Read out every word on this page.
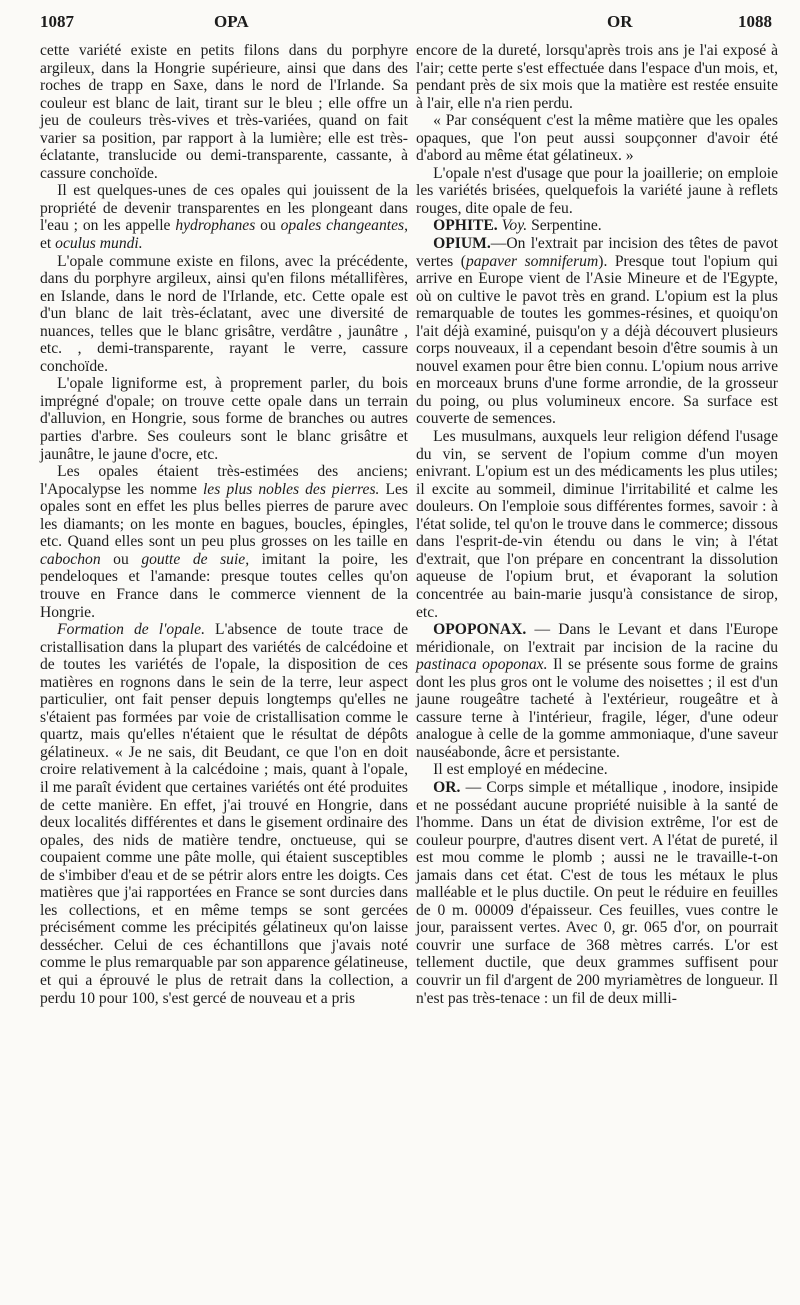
1087	OPA	OR	1088

cette variété existe en petits filons dans du porphyre argileux, dans la Hongrie supérieure, ainsi que dans des roches de trapp en Saxe, dans le nord de l'Irlande. Sa couleur est blanc de lait, tirant sur le bleu ; elle offre un jeu de couleurs très-vives et très-variées, quand on fait varier sa position, par rapport à la lumière; elle est très-éclatante, translucide ou demi-transparente, cassante, à cassure conchoïde.

Il est quelques-unes de ces opales qui jouissent de la propriété de devenir transparentes en les plongeant dans l'eau ; on les appelle hydrophanes ou opales changeantes, et oculus mundi.

L'opale commune existe en filons, avec la précédente, dans du porphyre argileux, ainsi qu'en filons métallifères, en Islande, dans le nord de l'Irlande, etc. Cette opale est d'un blanc de lait très-éclatant, avec une diversité de nuances, telles que le blanc grisâtre, verdâtre , jaunâtre , etc. , demi-transparente, rayant le verre, cassure conchoïde.

L'opale ligniforme est, à proprement parler, du bois imprégné d'opale; on trouve cette opale dans un terrain d'alluvion, en Hongrie, sous forme de branches ou autres parties d'arbre. Ses couleurs sont le blanc grisâtre et jaunâtre, le jaune d'ocre, etc.

Les opales étaient très-estimées des anciens; l'Apocalypse les nomme les plus nobles des pierres. Les opales sont en effet les plus belles pierres de parure avec les diamants; on les monte en bagues, boucles, épingles, etc. Quand elles sont un peu plus grosses on les taille en cabochon ou goutte de suie, imitant la poire, les pendeloques et l'amande: presque toutes celles qu'on trouve en France dans le commerce viennent de la Hongrie.

Formation de l'opale. L'absence de toute trace de cristallisation dans la plupart des variétés de calcédoine et de toutes les variétés de l'opale, la disposition de ces matières en rognons dans le sein de la terre, leur aspect particulier, ont fait penser depuis longtemps qu'elles ne s'étaient pas formées par voie de cristallisation comme le quartz, mais qu'elles n'étaient que le résultat de dépôts gélatineux. « Je ne sais, dit Beudant, ce que l'on en doit croire relativement à la calcédoine ; mais, quant à l'opale, il me paraît évident que certaines variétés ont été produites de cette manière. En effet, j'ai trouvé en Hongrie, dans deux localités différentes et dans le gisement ordinaire des opales, des nids de matière tendre, onctueuse, qui se coupaient comme une pâte molle, qui étaient susceptibles de s'imbiber d'eau et de se pétrir alors entre les doigts. Ces matières que j'ai rapportées en France se sont durcies dans les collections, et en même temps se sont gercées précisément comme les précipités gélatineux qu'on laisse dessécher. Celui de ces échantillons que j'avais noté comme le plus remarquable par son apparence gélatineuse, et qui a éprouvé le plus de retrait dans la collection, a perdu 10 pour 100, s'est gercé de nouveau et a pris

encore de la dureté, lorsqu'après trois ans je l'ai exposé à l'air; cette perte s'est effectuée dans l'espace d'un mois, et, pendant près de six mois que la matière est restée ensuite à l'air, elle n'a rien perdu.

« Par conséquent c'est la même matière que les opales opaques, que l'on peut aussi soupçonner d'avoir été d'abord au même état gélatineux. »

L'opale n'est d'usage que pour la joaillerie; on emploie les variétés brisées, quelquefois la variété jaune à reflets rouges, dite opale de feu.

OPHITE. Voy. Serpentine.

OPIUM.—On l'extrait par incision des têtes de pavot vertes (papaver somniferum). Presque tout l'opium qui arrive en Europe vient de l'Asie Mineure et de l'Egypte, où on cultive le pavot très en grand. L'opium est la plus remarquable de toutes les gommes-résines, et quoiqu'on l'ait déjà examiné, puisqu'on y a déjà découvert plusieurs corps nouveaux, il a cependant besoin d'être soumis à un nouvel examen pour être bien connu. L'opium nous arrive en morceaux bruns d'une forme arrondie, de la grosseur du poing, ou plus volumineux encore. Sa surface est couverte de semences.

Les musulmans, auxquels leur religion défend l'usage du vin, se servent de l'opium comme d'un moyen enivrant. L'opium est un des médicaments les plus utiles; il excite au sommeil, diminue l'irritabilité et calme les douleurs. On l'emploie sous différentes formes, savoir : à l'état solide, tel qu'on le trouve dans le commerce; dissous dans l'esprit-de-vin étendu ou dans le vin; à l'état d'extrait, que l'on prépare en concentrant la dissolution aqueuse de l'opium brut, et évaporant la solution concentrée au bain-marie jusqu'à consistance de sirop, etc.

OPOPONAX. — Dans le Levant et dans l'Europe méridionale, on l'extrait par incision de la racine du pastinaca opoponax. Il se présente sous forme de grains dont les plus gros ont le volume des noisettes ; il est d'un jaune rougeâtre tacheté à l'extérieur, rougeâtre et à cassure terne à l'intérieur, fragile, léger, d'une odeur analogue à celle de la gomme ammoniaque, d'une saveur nauséabonde, âcre et persistante.

Il est employé en médecine.

OR. — Corps simple et métallique , inodore, insipide et ne possédant aucune propriété nuisible à la santé de l'homme. Dans un état de division extrême, l'or est de couleur pourpre, d'autres disent vert. A l'état de pureté, il est mou comme le plomb ; aussi ne le travaille-t-on jamais dans cet état. C'est de tous les métaux le plus malléable et le plus ductile. On peut le réduire en feuilles de 0 m. 00009 d'épaisseur. Ces feuilles, vues contre le jour, paraissent vertes. Avec 0, gr. 065 d'or, on pourrait couvrir une surface de 368 mètres carrés. L'or est tellement ductile, que deux grammes suffisent pour couvrir un fil d'argent de 200 myriamètres de longueur. Il n'est pas très-tenace : un fil de deux milli-
